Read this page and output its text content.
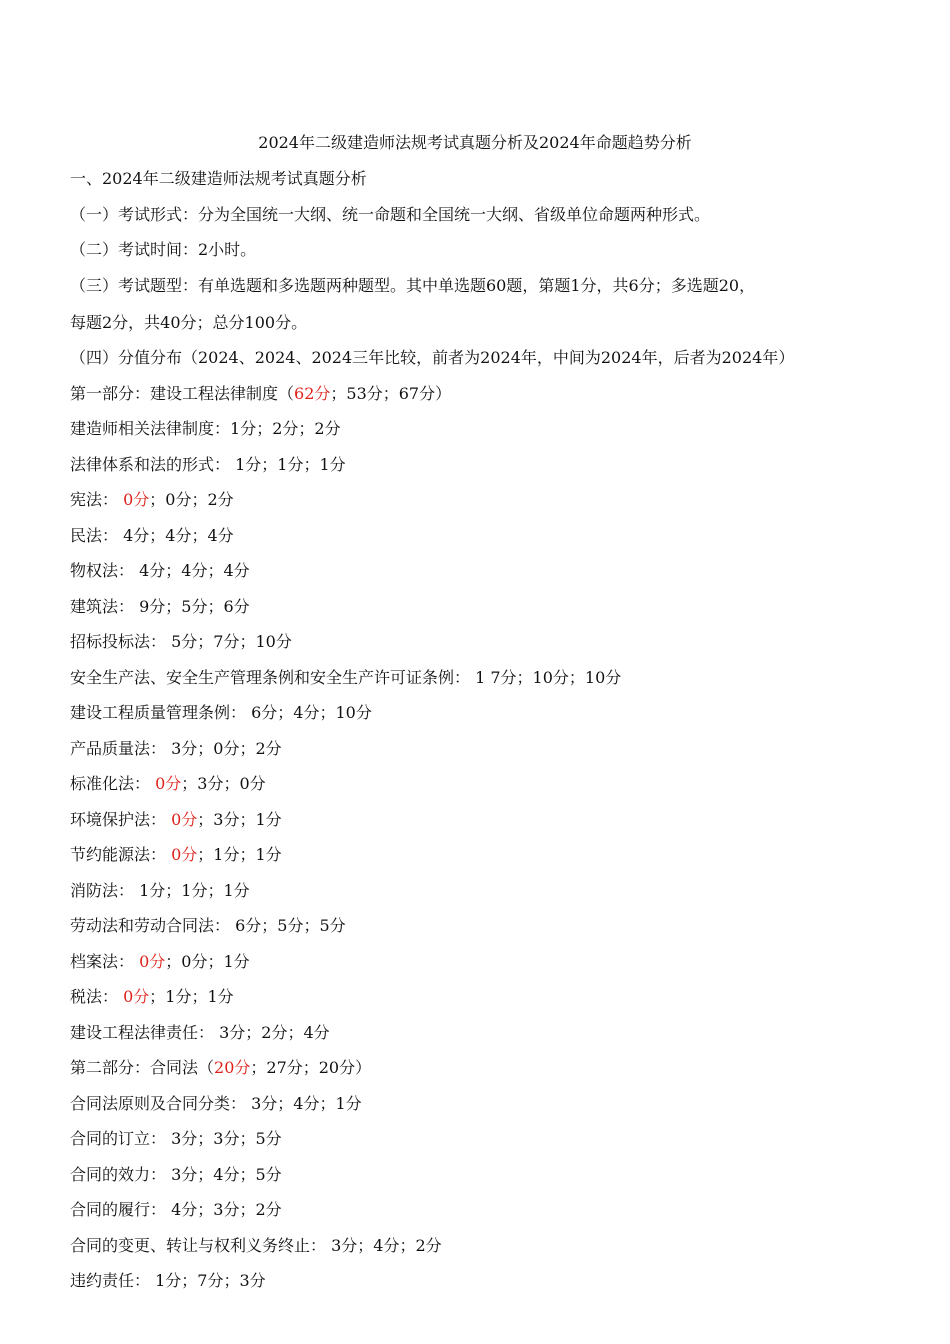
2024年二级建造师法规考试真题分析及2024年命题趋势分析
一、2024年二级建造师法规考试真题分析
（一）考试形式：分为全国统一大纲、统一命题和全国统一大纲、省级单位命题两种形式。
（二）考试时间：2小时。
（三）考试题型：有单选题和多选题两种题型。其中单选题60题，第题1分，共6分；多选题20，
每题2分，共40分；总分100分。
（四）分值分布（2024、2024、2024三年比较，前者为2024年，中间为2024年，后者为2024年）
第一部分：建设工程法律制度（62分；53分；67分）
建造师相关法律制度：1分；2分；2分
法律体系和法的形式： 1分；1分；1分
宪法： 0分；0分；2分
民法： 4分；4分；4分
物权法： 4分；4分；4分
建筑法： 9分；5分；6分
招标投标法： 5分；7分；10分
安全生产法、安全生产管理条例和安全生产许可证条例： 1 7分；10分；10分
建设工程质量管理条例： 6分；4分；10分
产品质量法： 3分；0分；2分
标准化法： 0分；3分；0分
环境保护法： 0分；3分；1分
节约能源法： 0分；1分；1分
消防法： 1分；1分；1分
劳动法和劳动合同法： 6分；5分；5分
档案法： 0分；0分；1分
税法： 0分；1分；1分
建设工程法律责任： 3分；2分；4分
第二部分：合同法（20分；27分；20分）
合同法原则及合同分类： 3分；4分；1分
合同的订立： 3分；3分；5分
合同的效力： 3分；4分；5分
合同的履行： 4分；3分；2分
合同的变更、转让与权利义务终止： 3分；4分；2分
违约责任： 1分；7分；3分
